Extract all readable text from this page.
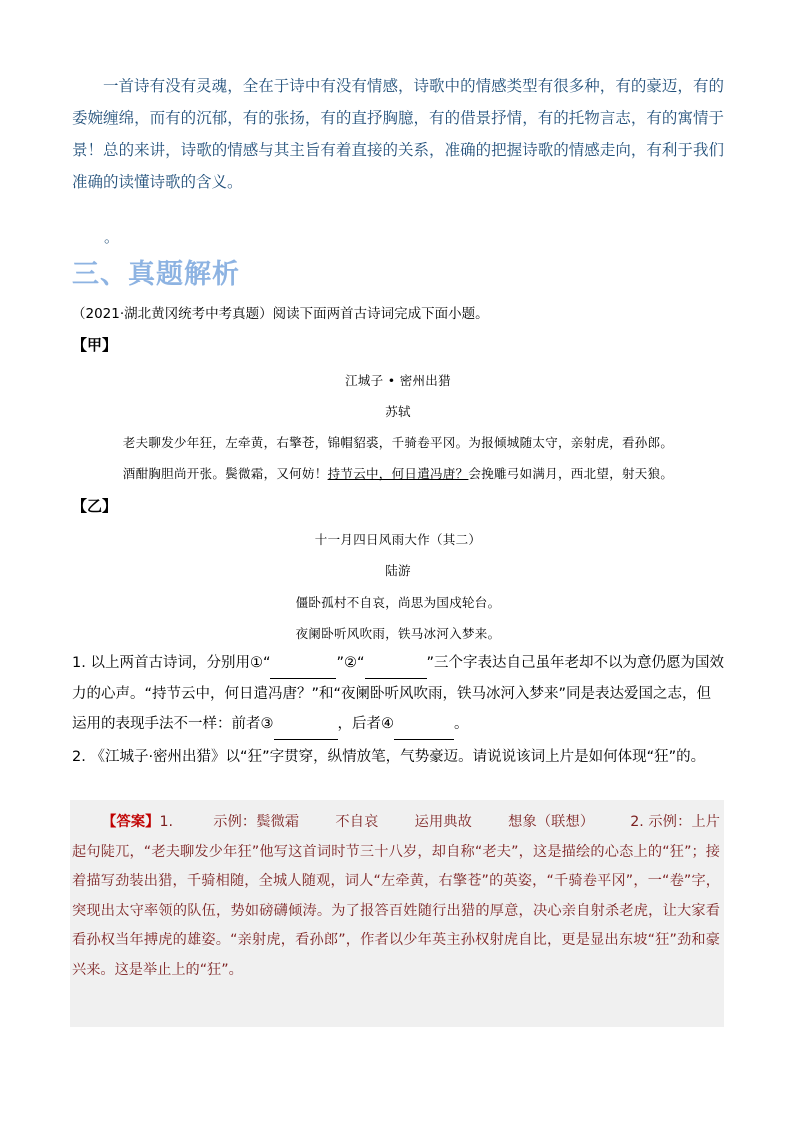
一首诗有没有灵魂，全在于诗中有没有情感，诗歌中的情感类型有很多种，有的豪迈，有的委婉缠绵，而有的沉郁，有的张扬，有的直抒胸臆，有的借景抒情，有的托物言志，有的寓情于景！总的来讲，诗歌的情感与其主旨有着直接的关系，准确的把握诗歌的情感走向，有利于我们准确的读懂诗歌的含义。

。
三、真题解析
（2021·湖北黄冈统考中考真题）阅读下面两首古诗词完成下面小题。
【甲】
江城子 • 密州出猎
苏轼
老夫聊发少年狂，左牵黄，右擎苍，锦帽貂裘，千骑卷平冈。为报倾城随太守，亲射虎，看孙郎。
酒酣胸胆尚开张。鬓微霜，又何妨！持节云中，何日遣冯唐？会挽雕弓如满月，西北望，射天狼。
【乙】
十一月四日风雨大作（其二）
陆游
僵卧孤村不自哀，尚思为国戍轮台。
夜阑卧听风吹雨，铁马冰河入梦来。

1. 以上两首古诗词，分别用①“	”②“	”三个字表达自己虽年老却不以为意仍愿为国效力的心声。“持节云中，何日遣冯唐？”和“夜阑卧听风吹雨，铁马冰河入梦来”同是表达爱国之志，但运用的表现手法不一样：前者③	，后者④	。

2. 《江城子·密州出猎》以“狂”字贯穿，纵情放笔，气势豪迈。请说说该词上片是如何体现“狂”的。

【答案】1.	示例：鬓微霜	不自哀	运用典故	想象（联想）	2. 示例：上片起句陡兀，“老夫聊发少年狂”他写这首词时节三十八岁，却自称“老夫”，这是描绘的心态上的“狂”；接着描写劲装出猎，千骑相随，全城人随观，词人“左牵黄，右擎苍”的英姿，“千骑卷平冈”，一“卷”字，突现出太守率领的队伍，势如磅礴倾涛。为了报答百姓随行出猎的厚意，决心亲自射杀老虎，让大家看看孙权当年搏虎的雄姿。“亲射虎，看孙郎”，作者以少年英主孙权射虎自比，更是显出东坡“狂”劲和豪兴来。这是举止上的“狂”。
